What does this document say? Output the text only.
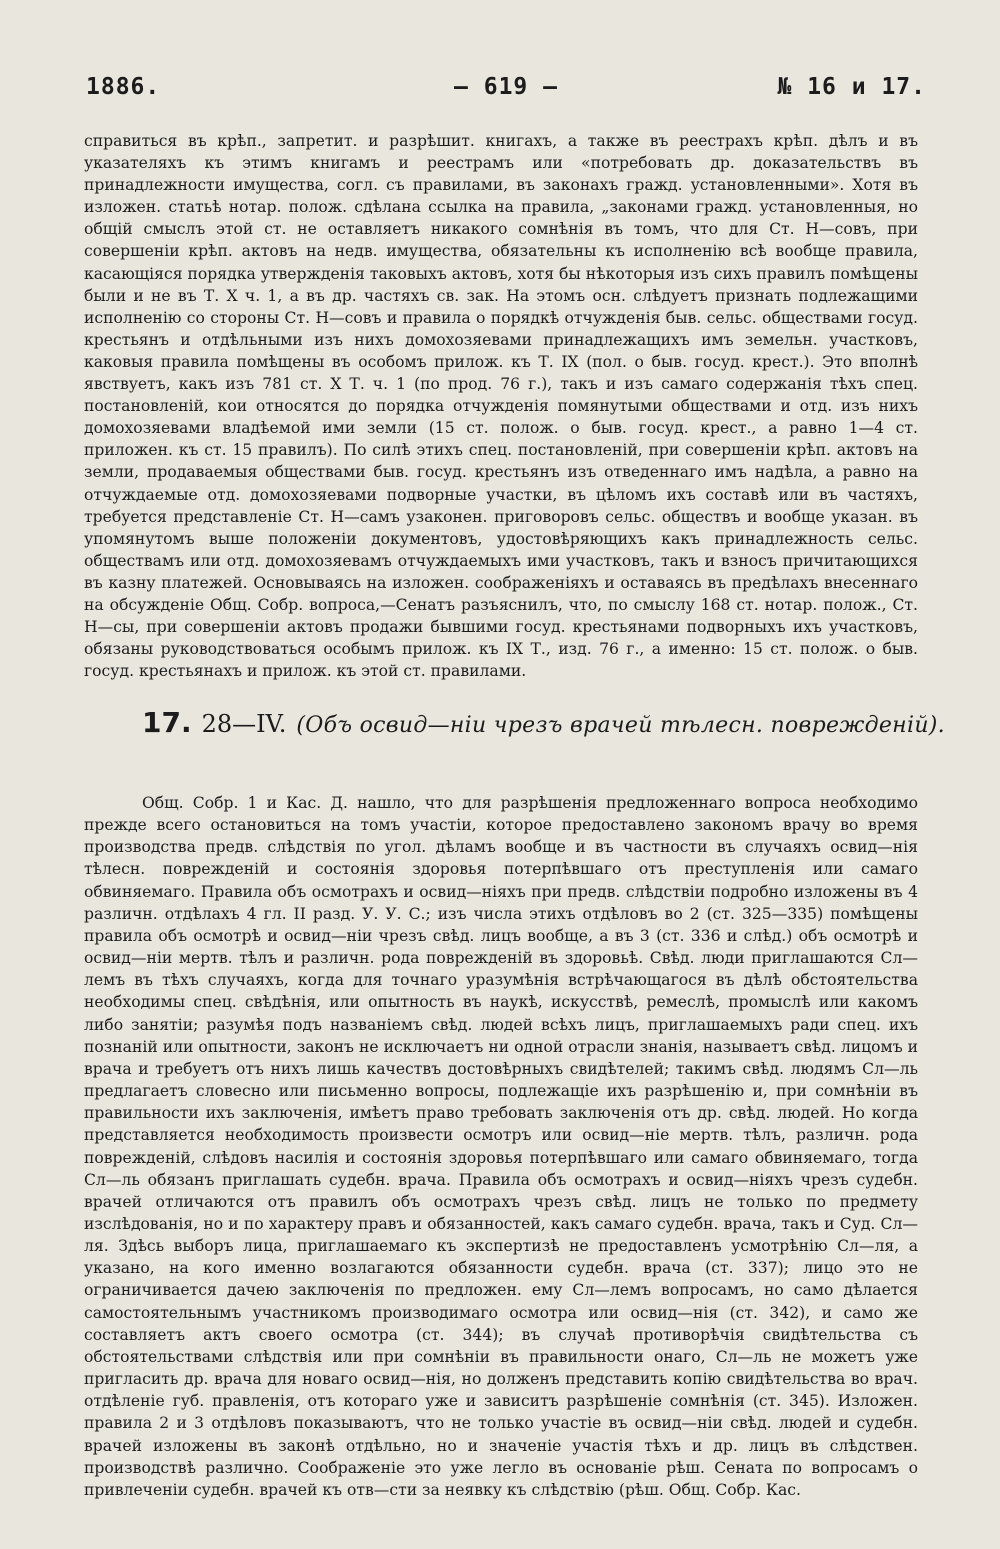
1886.	— 619 —	№ 16 и 17.

справиться въ крѣп., запретит. и разрѣшит. книгахъ, а также въ реестрахъ крѣп. дѣлъ и въ указателяхъ къ этимъ книгамъ и реестрамъ или «потребовать др. доказательствъ въ принадлежности имущества, согл. съ правилами, въ законахъ гражд. установленными». Хотя въ изложен. статьѣ нотар. полож. сдѣлана ссылка на правила, „законами гражд. установленныя, но общій смыслъ этой ст. не оставляетъ никакого сомнѣнія въ томъ, что для Ст. Н—совъ, при совершеніи крѣп. актовъ на недв. имущества, обязательны къ исполненію всѣ вообще правила, касающіяся порядка утвержденія таковыхъ актовъ, хотя бы нѣкоторыя изъ сихъ правилъ помѣщены были и не въ Т. X ч. 1, а въ др. частяхъ св. зак. На этомъ осн. слѣдуетъ признать подлежащими исполненію со стороны Ст. Н—совъ и правила о порядкѣ отчужденія быв. сельс. обществами госуд. крестьянъ и отдѣльными изъ нихъ домохозяевами принадлежащихъ имъ земельн. участковъ, каковыя правила помѣщены въ особомъ прилож. къ Т. IX (пол. о быв. госуд. крест.). Это вполнѣ явствуетъ, какъ изъ 781 ст. X Т. ч. 1 (по прод. 76 г.), такъ и изъ самаго содержанія тѣхъ спец. постановленій, кои относятся до порядка отчужденія помянутыми обществами и отд. изъ нихъ домохозяевами владѣемой ими земли (15 ст. полож. о быв. госуд. крест., а равно 1—4 ст. приложен. къ ст. 15 правилъ). По силѣ этихъ спец. постановленій, при совершеніи крѣп. актовъ на земли, продаваемыя обществами быв. госуд. крестьянъ изъ отведеннаго имъ надѣла, а равно на отчуждаемые отд. домохозяевами подворные участки, въ цѣломъ ихъ составѣ или въ частяхъ, требуется представленіе Ст. Н—самъ узаконен. приговоровъ сельс. обществъ и вообще указан. въ упомянутомъ выше положеніи документовъ, удостовѣряющихъ какъ принадлежность сельс. обществамъ или отд. домохозяевамъ отчуждаемыхъ ими участковъ, такъ и взносъ причитающихся въ казну платежей. Основываясь на изложен. соображеніяхъ и оставаясь въ предѣлахъ внесеннаго на обсужденіе Общ. Собр. вопроса,—Сенатъ разъяснилъ, что, по смыслу 168 ст. нотар. полож., Ст. Н—сы, при совершеніи актовъ продажи бывшими госуд. крестьянами подворныхъ ихъ участковъ, обязаны руководствоваться особымъ прилож. къ IX Т., изд. 76 г., а именно: 15 ст. полож. о быв. госуд. крестьянахъ и прилож. къ этой ст. правилами.

17. 28—IV. (Объ освид—ніи чрезъ врачей тѣлесн. поврежденій).

Общ. Собр. 1 и Кас. Д. нашло, что для разрѣшенія предложеннаго вопроса необходимо прежде всего остановиться на томъ участіи, которое предоставлено закономъ врачу во время производства предв. слѣдствія по угол. дѣламъ вообще и въ частности въ случаяхъ освид—нія тѣлесн. поврежденій и состоянія здоровья потерпѣвшаго отъ преступленія или самаго обвиняемаго. Правила объ осмотрахъ и освид—ніяхъ при предв. слѣдствіи подробно изложены въ 4 различн. отдѣлахъ 4 гл. II разд. У. У. С.; изъ числа этихъ отдѣловъ во 2 (ст. 325—335) помѣщены правила объ осмотрѣ и освид—ніи чрезъ свѣд. лицъ вообще, а въ 3 (ст. 336 и слѣд.) объ осмотрѣ и освид—ніи мертв. тѣлъ и различн. рода поврежденій въ здоровьѣ. Свѣд. люди приглашаются Сл—лемъ въ тѣхъ случаяхъ, когда для точнаго уразумѣнія встрѣчающагося въ дѣлѣ обстоятельства необходимы спец. свѣдѣнія, или опытность въ наукѣ, искусствѣ, ремеслѣ, промыслѣ или какомъ либо занятіи; разумѣя подъ названіемъ свѣд. людей всѣхъ лицъ, приглашаемыхъ ради спец. ихъ познаній или опытности, законъ не исключаетъ ни одной отрасли знанія, называетъ свѣд. лицомъ и врача и требуетъ отъ нихъ лишь качествъ достовѣрныхъ свидѣтелей; такимъ свѣд. людямъ Сл—ль предлагаетъ словесно или письменно вопросы, подлежащіе ихъ разрѣшенію и, при сомнѣніи въ правильности ихъ заключенія, имѣетъ право требовать заключенія отъ др. свѣд. людей. Но когда представляется необходимость произвести осмотръ или освид—ніе мертв. тѣлъ, различн. рода поврежденій, слѣдовъ насилія и состоянія здоровья потерпѣвшаго или самаго обвиняемаго, тогда Сл—ль обязанъ приглашать судебн. врача. Правила объ осмотрахъ и освид—ніяхъ чрезъ судебн. врачей отличаются отъ правилъ объ осмотрахъ чрезъ свѣд. лицъ не только по предмету изслѣдованія, но и по характеру правъ и обязанностей, какъ самаго судебн. врача, такъ и Суд. Сл—ля. Здѣсь выборъ лица, приглашаемаго къ экспертизѣ не предоставленъ усмотрѣнію Сл—ля, а указано, на кого именно возлагаются обязанности судебн. врача (ст. 337); лицо это не ограничивается дачею заключенія по предложен. ему Сл—лемъ вопросамъ, но само дѣлается самостоятельнымъ участникомъ производимаго осмотра или освид—нія (ст. 342), и само же составляетъ актъ своего осмотра (ст. 344); въ случаѣ противорѣчія свидѣтельства съ обстоятельствами слѣдствія или при сомнѣніи въ правильности онаго, Сл—ль не можетъ уже пригласить др. врача для новаго освид—нія, но долженъ представить копію свидѣтельства во врач. отдѣленіе губ. правленія, отъ котораго уже и зависитъ разрѣшеніе сомнѣнія (ст. 345). Изложен. правила 2 и 3 отдѣловъ показываютъ, что не только участіе въ освид—ніи свѣд. людей и судебн. врачей изложены въ законѣ отдѣльно, но и значеніе участія тѣхъ и др. лицъ въ слѣдствен. производствѣ различно. Соображеніе это уже легло въ основаніе рѣш. Сената по вопросамъ о привлеченіи судебн. врачей къ отв—сти за неявку къ слѣдствію (рѣш. Общ. Собр. Кас.
